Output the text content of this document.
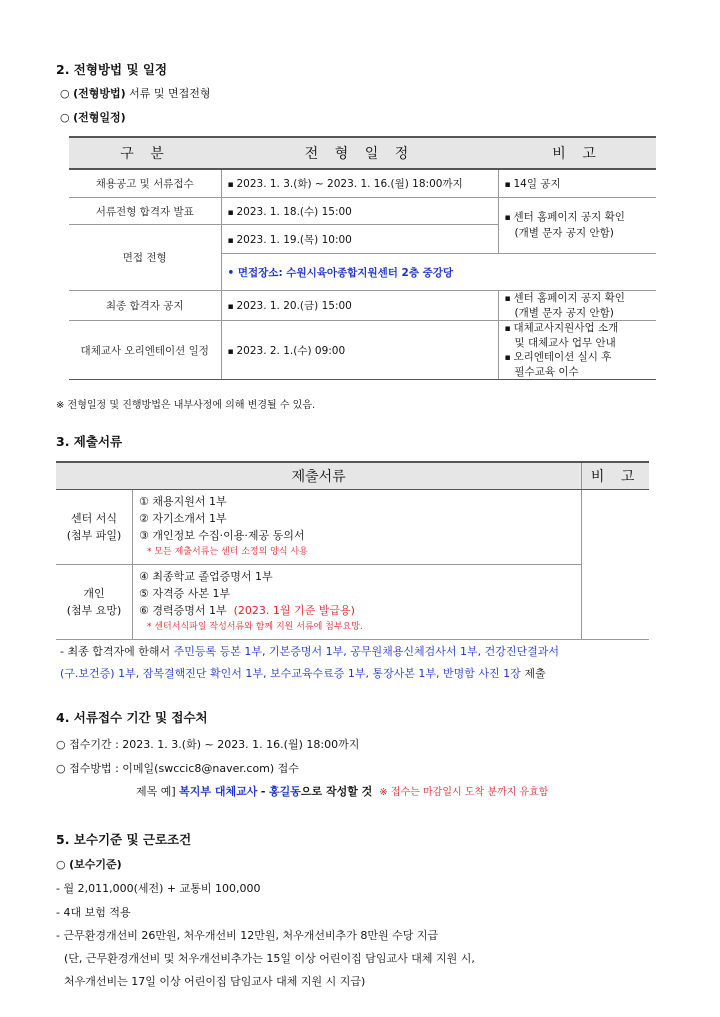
2. 전형방법 및 일정
○ (전형방법) 서류 및 면접전형
○ (전형일정)
구 분	전 형 일 정	비 고
채용공고 및 서류접수	▪ 2023. 1. 3.(화) ~ 2023. 1. 16.(월) 18:00까지	▪ 14일 공지
서류전형 합격자 발표	▪ 2023. 1. 18.(수) 15:00	▪ 센터 홈페이지 공지 확인
(개별 문자 공지 안함)

면접 전형	▪ 2023. 1. 19.(목) 10:00
	• 면접장소: 수원시육아종합지원센터 2층 중강당	
최종 합격자 공지	▪ 2023. 1. 20.(금) 15:00	▪ 센터 홈페이지 공지 확인
(개별 문자 공지 안함)

대체교사 오리엔테이션 일정	▪ 2023. 2. 1.(수) 09:00	▪ 대체교사지원사업 소개
및 대체교사 업무 안내
▪ 오리엔테이션 실시 후
필수교육 이수
※ 전형일정 및 진행방법은 내부사정에 의해 변경될 수 있음.
3. 제출서류
제출서류		비 고

센터 서식
(첨부 파일)	① 채용지원서 1부
② 자기소개서 1부
③ 개인정보 수집·이용·제공 동의서
* 모든 제출서류는 센터 소정의 양식 사용	

개인
(첨부 요망)	④ 최종학교 졸업증명서 1부
⑤ 자격증 사본 1부
⑥ 경력증명서 1부 (2023. 1월 기준 발급용)
* 센터서식파일 작성서류와 함께 지원 서류에 첨부요망.	
- 최종 합격자에 한해서 주민등록 등본 1부, 기본증명서 1부, 공무원채용신체검사서 1부, 건강진단결과서
(구.보건증) 1부, 잠복결핵진단 확인서 1부, 보수교육수료증 1부, 통장사본 1부, 반명함 사진 1장 제출
4. 서류접수 기간 및 접수처
○ 접수기간 : 2023. 1. 3.(화) ~ 2023. 1. 16.(월) 18:00까지
○ 접수방법 : 이메일(swccic8@naver.com) 접수
제목 예] 복지부 대체교사 - 홍길동으로 작성할 것 ※ 접수는 마감일시 도착 분까지 유효함
5. 보수기준 및 근로조건
○ (보수기준)
- 월 2,011,000(세전) + 교통비 100,000
- 4대 보험 적용
- 근무환경개선비 26만원, 처우개선비 12만원, 처우개선비추가 8만원 수당 지급
(단, 근무환경개선비 및 처우개선비추가는 15일 이상 어린이집 담임교사 대체 지원 시,
처우개선비는 17일 이상 어린이집 담임교사 대체 지원 시 지급)
